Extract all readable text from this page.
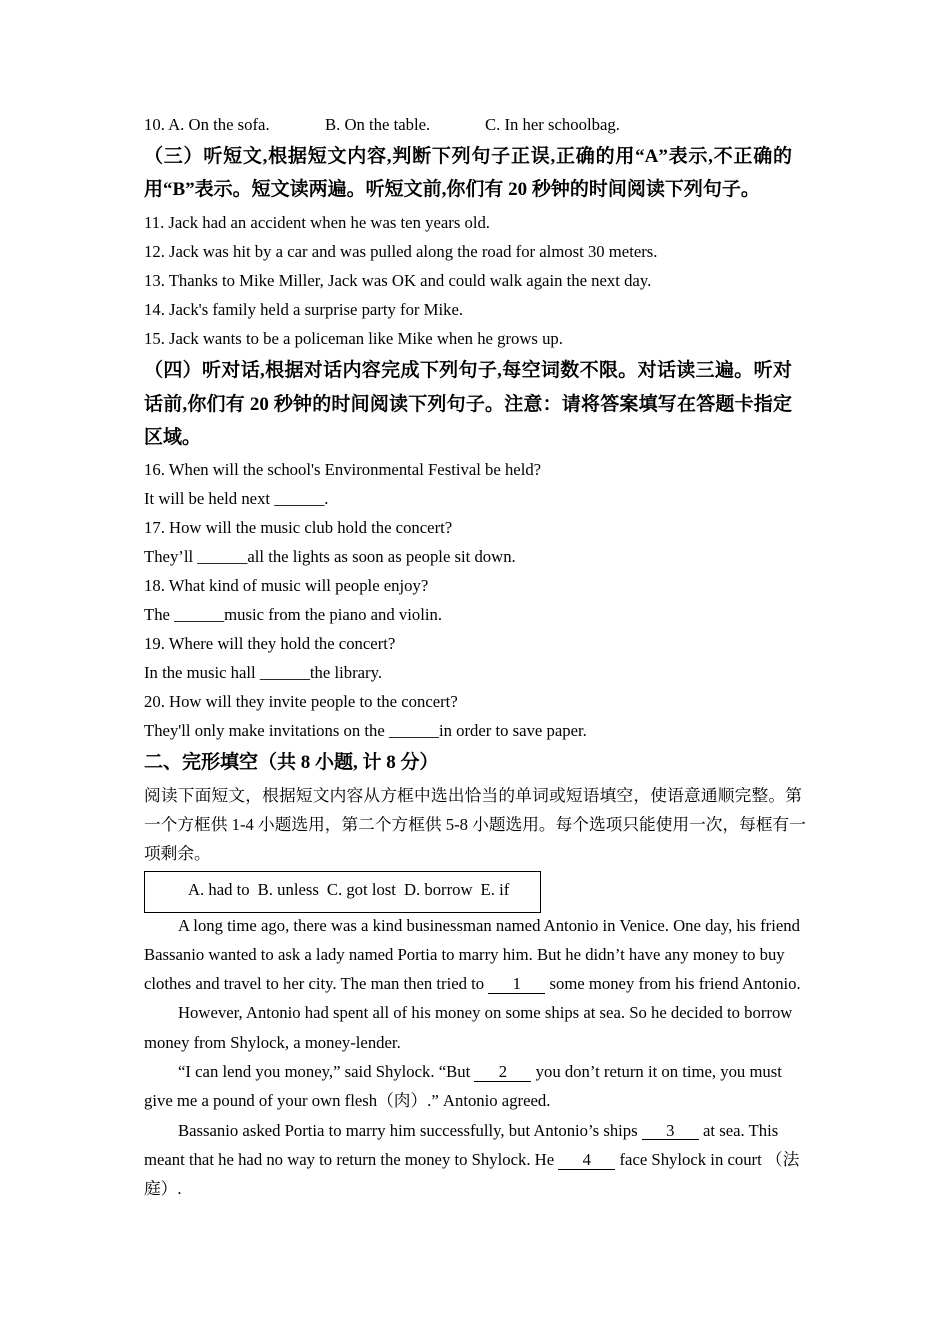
10. A. On the sofa.	B. On the table.	C. In her schoolbag.
（三）听短文,根据短文内容,判断下列句子正误,正确的用“A”表示,不正确的
用“B”表示。短文读两遍。听短文前,你们有 20 秒钟的时间阅读下列句子。
11. Jack had an accident when he was ten years old.
12. Jack was hit by a car and was pulled along the road for almost 30 meters.
13. Thanks to Mike Miller, Jack was OK and could walk again the next day.
14. Jack's family held a surprise party for Mike.
15. Jack wants to be a policeman like Mike when he grows up.
（四）听对话,根据对话内容完成下列句子,每空词数不限。对话读三遍。听对
话前,你们有 20 秒钟的时间阅读下列句子。注意：请将答案填写在答题卡指定
区域。
16. When will the school's Environmental Festival be held?
It will be held next ______.
17. How will the music club hold the concert?
They’ll ______all the lights as soon as people sit down.
18. What kind of music will people enjoy?
The ______music from the piano and violin.
19. Where will they hold the concert?
In the music hall ______the library.
20. How will they invite people to the concert?
They'll only make invitations on the ______in order to save paper.
二、完形填空（共 8 小题, 计 8 分）
阅读下面短文，根据短文内容从方框中选出恰当的单词或短语填空，使语意通顺完整。第
一个方框供 1-4 小题选用，第二个方框供 5-8 小题选用。每个选项只能使用一次，每框有一
项剩余。
A. had to B. unless C. got lost D. borrow E. if

A long time ago, there was a kind businessman named Antonio in Venice. One day, his friend Bassanio wanted to ask a lady named Portia to marry him. But he didn’t have any money to buy clothes and travel to her city. The man then tried to 1 some money from his friend Antonio.

However, Antonio had spent all of his money on some ships at sea. So he decided to borrow money from Shylock, a money-lender.

“I can lend you money,” said Shylock. “But 2 you don’t return it on time, you must give me a pound of your own flesh（肉）.” Antonio agreed.

Bassanio asked Portia to marry him successfully, but Antonio’s ships 3 at sea. This meant that he had no way to return the money to Shylock. He 4 face Shylock in court （法庭）.
